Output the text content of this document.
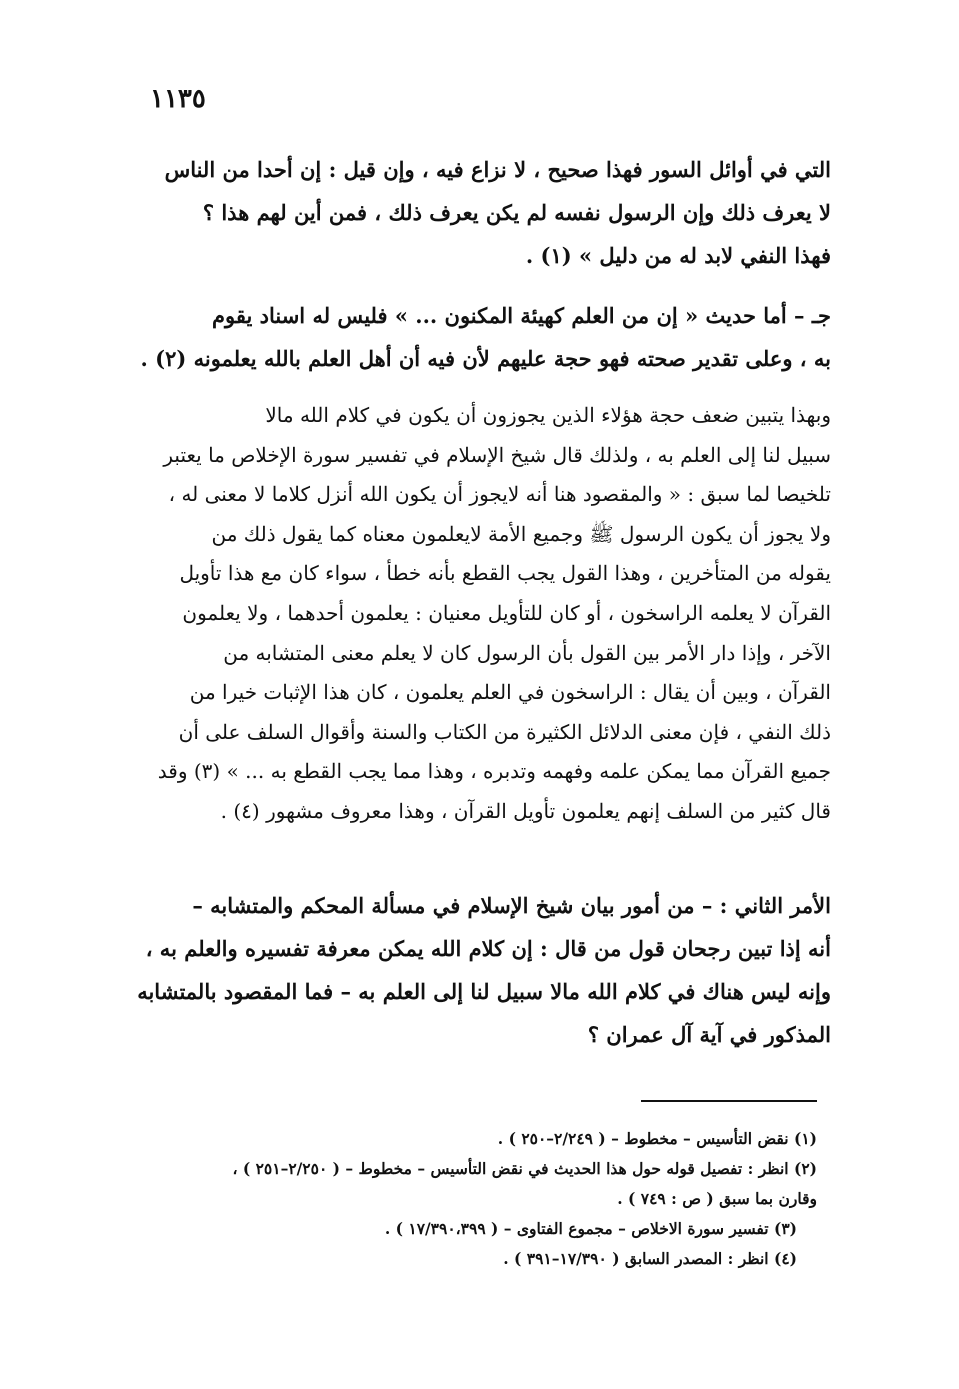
١١٣٥
التي في أوائل السور فهذا صحيح ، لا نزاع فيه ، وإن قيل : إن أحدا من الناس
لا يعرف ذلك وإن الرسول نفسه لم يكن يعرف ذلك ، فمن أين لهم هذا ؟
فهذا النفي لابد له من دليل » (١) .
جـ – أما حديث « إن من العلم كهيئة المكنون ... » فليس له اسناد يقوم
به ، وعلى تقدير صحته فهو حجة عليهم لأن فيه أن أهل العلم بالله يعلمونه (٢) .
وبهذا يتبين ضعف حجة هؤلاء الذين يجوزون أن يكون في كلام الله مالا
سبيل لنا إلى العلم به ، ولذلك قال شيخ الإسلام في تفسير سورة الإخلاص ما يعتبر
تلخيصا لما سبق : « والمقصود هنا أنه لايجوز أن يكون الله أنزل كلاما لا معنى له ،
ولا يجوز أن يكون الرسول ﷺ وجميع الأمة لايعلمون معناه كما يقول ذلك من
يقوله من المتأخرين ، وهذا القول يجب القطع بأنه خطأ ، سواء كان مع هذا تأويل
القرآن لا يعلمه الراسخون ، أو كان للتأويل معنيان : يعلمون أحدهما ، ولا يعلمون
الآخر ، وإذا دار الأمر بين القول بأن الرسول كان لا يعلم معنى المتشابه من
القرآن ، وبين أن يقال : الراسخون في العلم يعلمون ، كان هذا الإثبات خيرا من
ذلك النفي ، فإن معنى الدلائل الكثيرة من الكتاب والسنة وأقوال السلف على أن
جميع القرآن مما يمكن علمه وفهمه وتدبره ، وهذا مما يجب القطع به ... » (٣) وقد
قال كثير من السلف إنهم يعلمون تأويل القرآن ، وهذا معروف مشهور (٤) .
الأمر الثاني : – من أمور بيان شيخ الإسلام في مسألة المحكم والمتشابه –
أنه إذا تبين رجحان قول من قال : إن كلام الله يمكن معرفة تفسيره والعلم به ،
وإنه ليس هناك في كلام الله مالا سبيل لنا إلى العلم به – فما المقصود بالمتشابه
المذكور في آية آل عمران ؟
(١) نقض التأسيس – مخطوط – ( ٢/٢٤٩–٢٥٠ ) .
(٢) انظر : تفصيل قوله حول هذا الحديث في نقض التأسيس – مخطوط – ( ٢/٢٥٠–٢٥١ ) ،
وقارن بما سبق ( ص : ٧٤٩ ) .
(٣) تفسير سورة الاخلاص – مجموع الفتاوى – ( ١٧/٣٩٠،٣٩٩ ) .
(٤) انظر : المصدر السابق ( ١٧/٣٩٠–٣٩١ ) .
